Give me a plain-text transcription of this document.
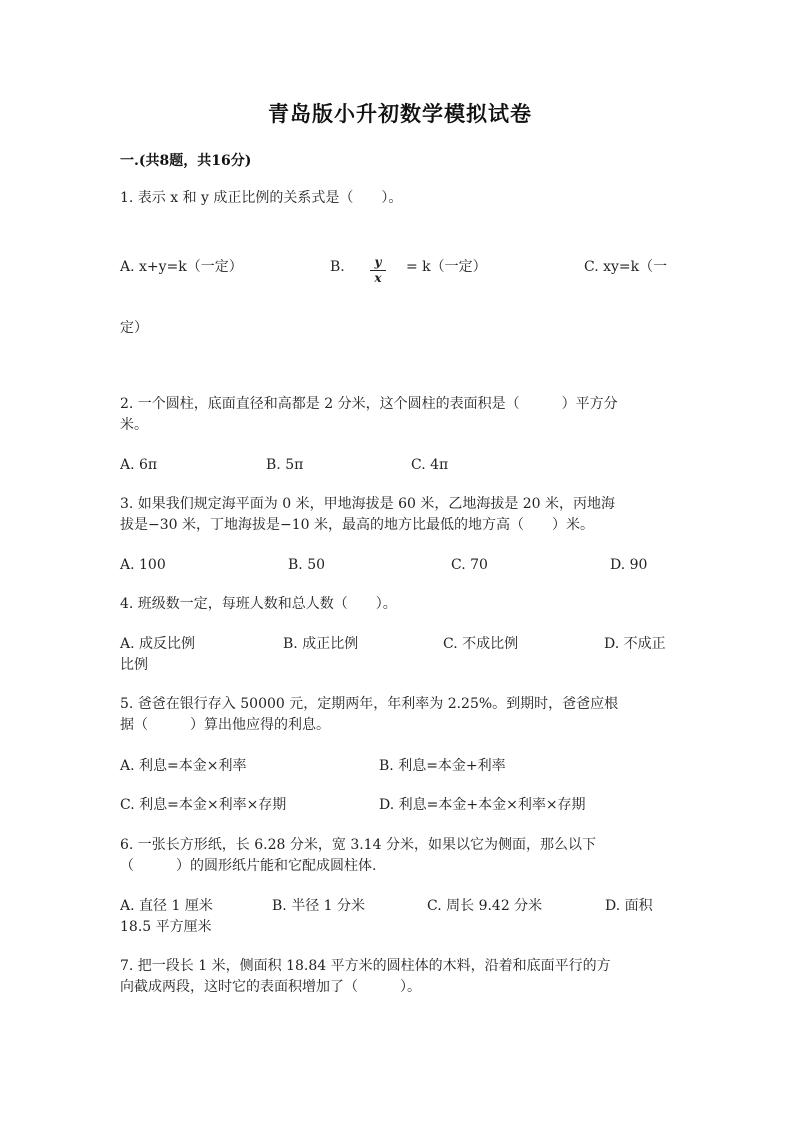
青岛版小升初数学模拟试卷
一.(共8题，共16分)
1. 表示 x 和 y 成正比例的关系式是（　　）。
A. x+y=k（一定）	B.	y
x
= k（一定）	C. xy=k（一
定）
2. 一个圆柱，底面直径和高都是 2 分米，这个圆柱的表面积是（　　　）平方分
米。
A. 6π	B. 5π	C. 4π
3. 如果我们规定海平面为 0 米，甲地海拔是 60 米，乙地海拔是 20 米，丙地海
拔是−30 米，丁地海拔是−10 米，最高的地方比最低的地方高（　　）米。
A. 100	B. 50	C. 70	D. 90
4. 班级数一定，每班人数和总人数（　　）。
A. 成反比例	B. 成正比例	C. 不成比例	D. 不成正
比例
5. 爸爸在银行存入 50000 元，定期两年，年利率为 2.25%。到期时，爸爸应根
据（　　　）算出他应得的利息。
A. 利息=本金×利率	B. 利息=本金+利率
C. 利息=本金×利率×存期	D. 利息=本金+本金×利率×存期
6. 一张长方形纸，长 6.28 分米，宽 3.14 分米，如果以它为侧面，那么以下
（　　　）的圆形纸片能和它配成圆柱体.
A. 直径 1 厘米	B. 半径 1 分米	C. 周长 9.42 分米	D. 面积
18.5 平方厘米
7. 把一段长 1 米，侧面积 18.84 平方米的圆柱体的木料，沿着和底面平行的方
向截成两段，这时它的表面积增加了（　　　）。
